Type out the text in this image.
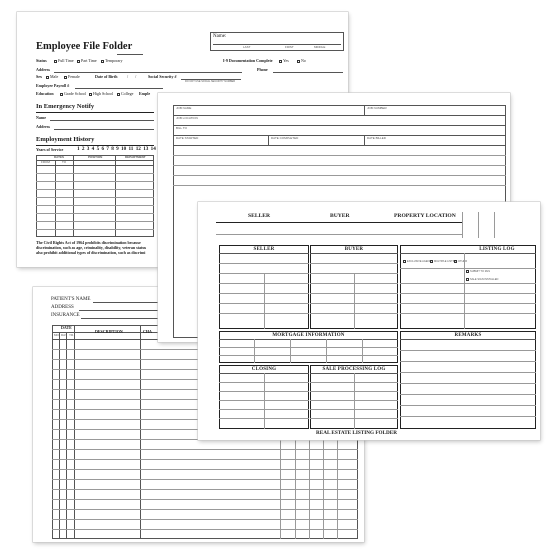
PATIENT'S NAME
ADDRESS
INSURANCE
DATE
MO. DAY YR.
DESCRIPTION	CHA
Employee File Folder
Name:
LAST	FIRST	MIDDLE
Status	Full Time	Part Time	Temporary	I-9 Documentation Complete	Yes	No
Address	Phone
Sex	Male	Female	Date of Birth / / Social Security #
DO NOT USE SOCIAL SECURITY NUMBER
Employee Payroll #
Education	Grade School	High School	College Emple
In Emergency Notify
Name
Address
Employment History
Years of Service	1 2 3 4 5 6 7 8 9 10 11 12 13 14
DATES	POSITION	DEPARTMENT
FROM	TO
The Civil Rights Act of 1964 prohibits discrimination because
discrimination, such as age, criminality, disability, veteran status
also prohibit additional types of discrimination, such as discrimi
JOB NAME	JOB NUMBER
JOB LOCATION
BILL TO
DATE STARTED	DATE COMPLETED	DATE BILLED
SELLER	BUYER	PROPERTY LOCATION
SELLER	BUYER	LISTING LOG
EXCLUSIVE AGENCY MULTIPLE LISTING OTHER
SUBMIT TO MLS
SALE SIGN INSTALLED
MORTGAGE INFORMATION	REMARKS
CLOSING	SALE PROCESSING LOG
REAL ESTATE LISTING FOLDER
